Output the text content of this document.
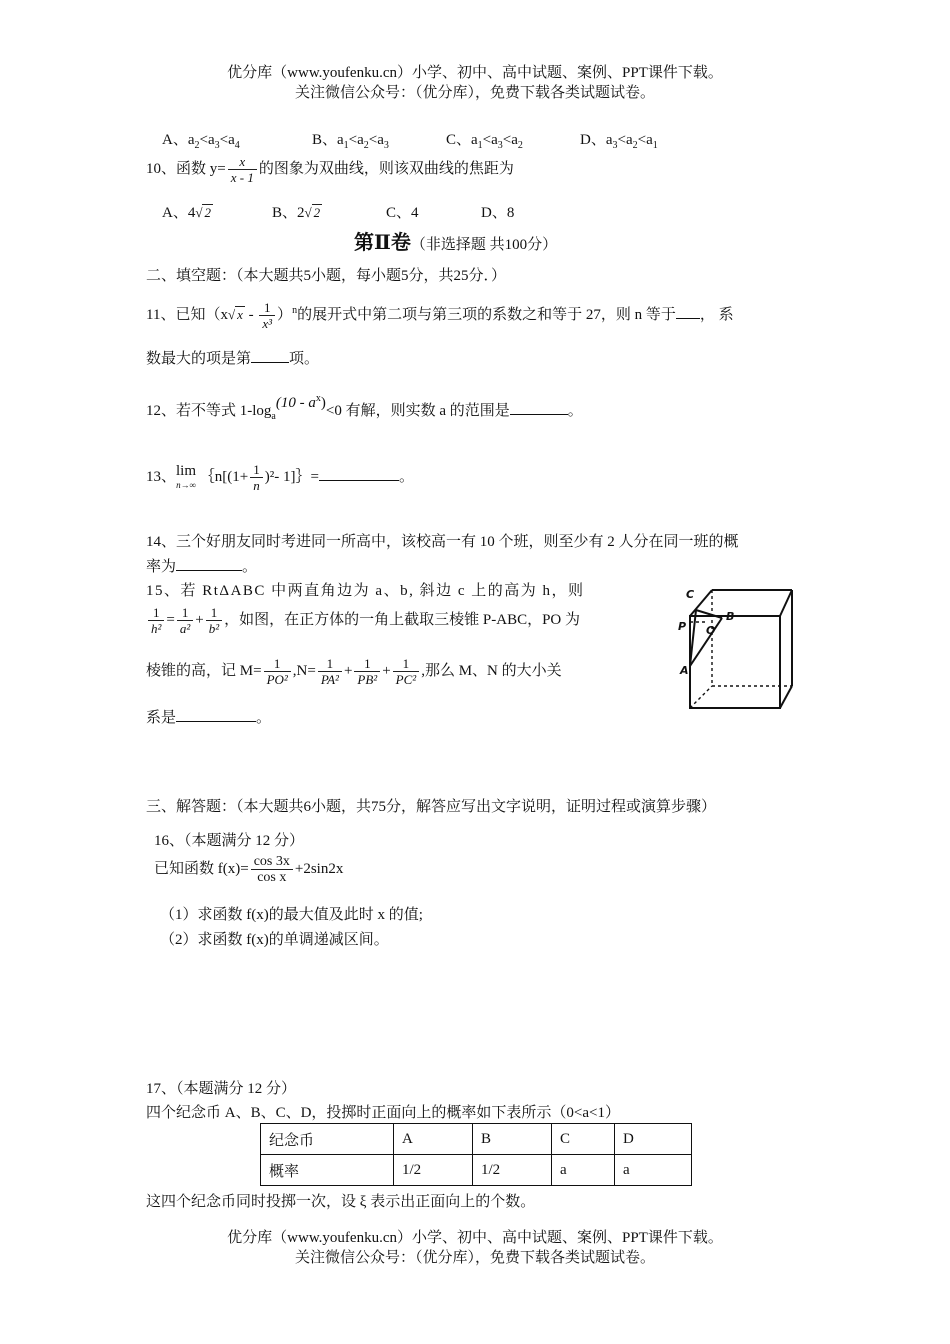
优分库（www.youfenku.cn）小学、初中、高中试题、案例、PPT课件下载。
关注微信公众号：（优分库），免费下载各类试题试卷。
A、$a_2<a_3<a_4$	B、$a_1<a_2<a_3$	C、$a_1<a_3<a_2$	D、$a_3<a_2<a_1$
10、函数 $y= \frac{x}{x - 1}$ 的图象为双曲线，则该双曲线的焦距为
A、4√ 2	B、2√ 2	C、4	D、8
第Ⅱ卷（非选择题 共100分）
二、填空题：（本大题共5小题，每小题5分，共25分．）
11、已知（x√ x - $\frac{1}{\text{x³}} )^n$的展开式中第二项与第三项的系数之和等于 27，则 n 等于 ， 系
数最大的项是第	项。
12、若不等式 $1-\log_a(10 - a^x)<0$ 有解，则实数 a 的范围是	。
13、 lim
n→∞ ｛n[(1+ $\frac{1}{n} )^2-$ 1]｝=	。
14、三个好朋友同时考进同一所高中，该校高一有 10 个班，则至少有 2 人分在同一班的概
率为	。
15、若 RtΔABC 中两直角边为 a、b, 斜边 c 上的高为 h，则
$\frac{1}{\text{h²}} = \frac{1}{\text{a²}} + \frac{1}{\text{b²}}$ ，如图，在正方体的一角上截取三棱锥 P-ABC，PO 为
棱锥的高，记 $M= \frac{1}{\text{PO²}} ,N= \frac{1}{\text{PA²}} + \frac{1}{\text{PB²}} + \frac{1}{\text{PC²}}$ ,那么 M、N 的大小关
系是	。
C
B
P O
A
三、解答题：（本大题共6小题，共75分，解答应写出文字说明，证明过程或演算步骤）
16、（本题满分 12 分）
已知函数 $f(x)= \frac{\cos 3x}{\text{cos x}} +2\sin 2x$
（1）求函数 f(x)的最大值及此时 x 的值;
（2）求函数 f(x)的单调递减区间。
17、（本题满分 12 分）
四个纪念币 A、B、C、D，投掷时正面向上的概率如下表所示（0<a<1）
纪念币	A	B	C	D
概率	1/2	1/2	a	a
这四个纪念币同时投掷一次，设 ξ 表示出正面向上的个数。
优分库（www.youfenku.cn）小学、初中、高中试题、案例、PPT课件下载。
关注微信公众号：（优分库），免费下载各类试题试卷。
